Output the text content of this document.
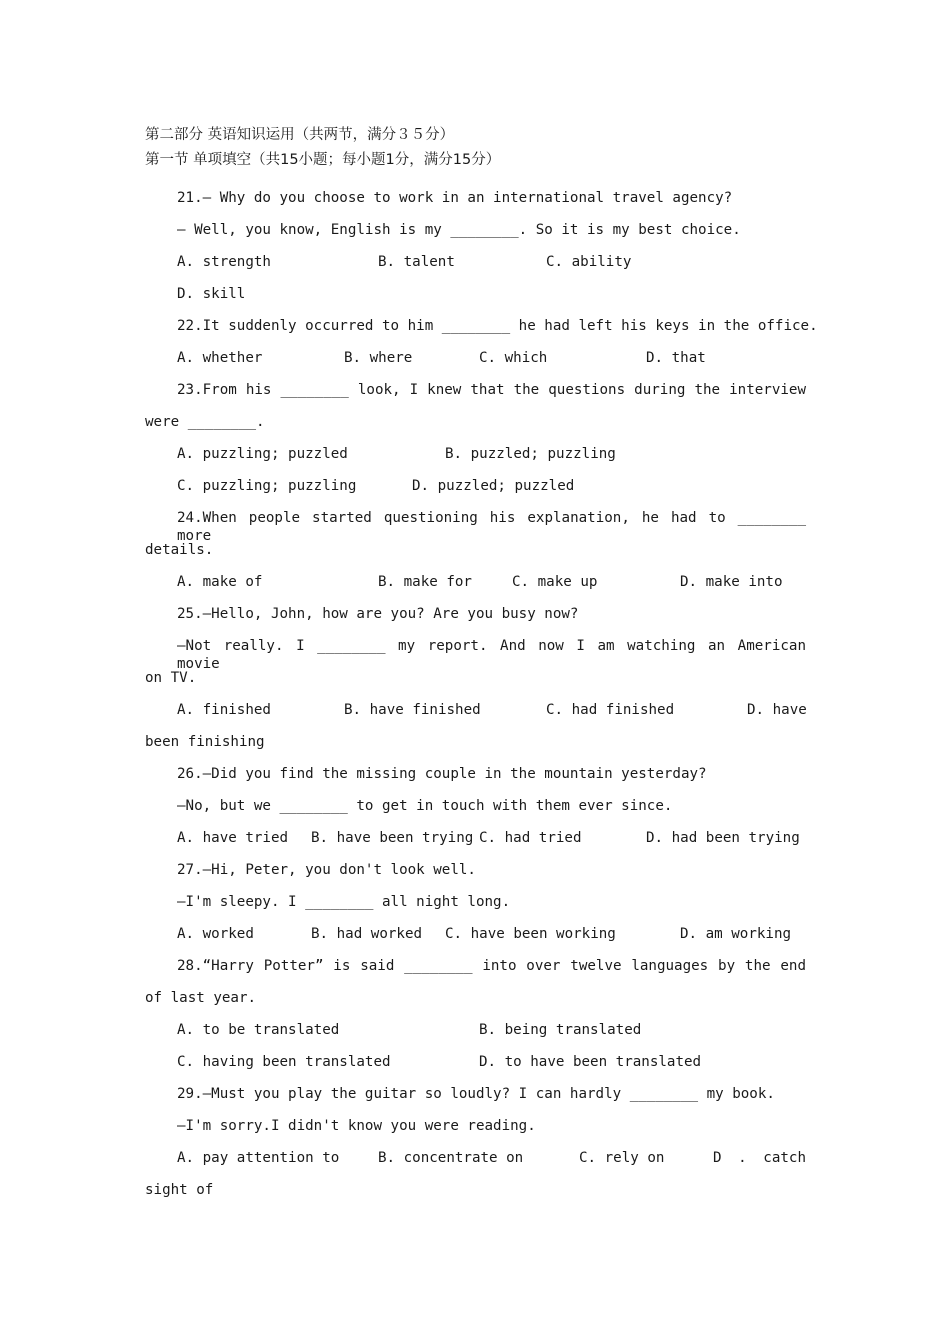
第二部分 英语知识运用（共两节，满分３５分）
第一节 单项填空（共15小题；每小题1分，满分15分）
21.— Why do you choose to work in an international travel agency?
— Well, you know, English is my ________. So it is my best choice.
A. strength	B. talent	C. ability
D. skill
22.It suddenly occurred to him ________ he had left his keys in the office.
A. whether	B. where	C. which	D. that
23.From his ________ look, I knew that the questions during the interview
were ________.
A. puzzling; puzzled	B. puzzled; puzzling
C. puzzling; puzzling	D. puzzled; puzzled
24.When people started questioning his explanation, he had to ________ more
details.
A. make of	B. make for	C. make up	D. make into
25.—Hello, John, how are you? Are you busy now?
—Not really. I ________ my report. And now I am watching an American movie
on TV.
A. finished	B. have finished	C. had finished	D. have
been finishing
26.—Did you find the missing couple in the mountain yesterday?
—No, but we ________ to get in touch with them ever since.
A. have tried B. have been trying C. had tried	D. had been trying
27.—Hi, Peter, you don't look well.
—I'm sleepy. I ________ all night long.
A. worked	B. had worked C. have been working	D. am working
28.“Harry Potter” is said ________ into over twelve languages by the end
of last year.
A. to be translated	B. being translated
C. having been translated	D. to have been translated
29.—Must you play the guitar so loudly? I can hardly ________ my book.
—I'm sorry.I didn't know you were reading.
A. pay attention to	B. concentrate on	C. rely on	D . catch
sight of
